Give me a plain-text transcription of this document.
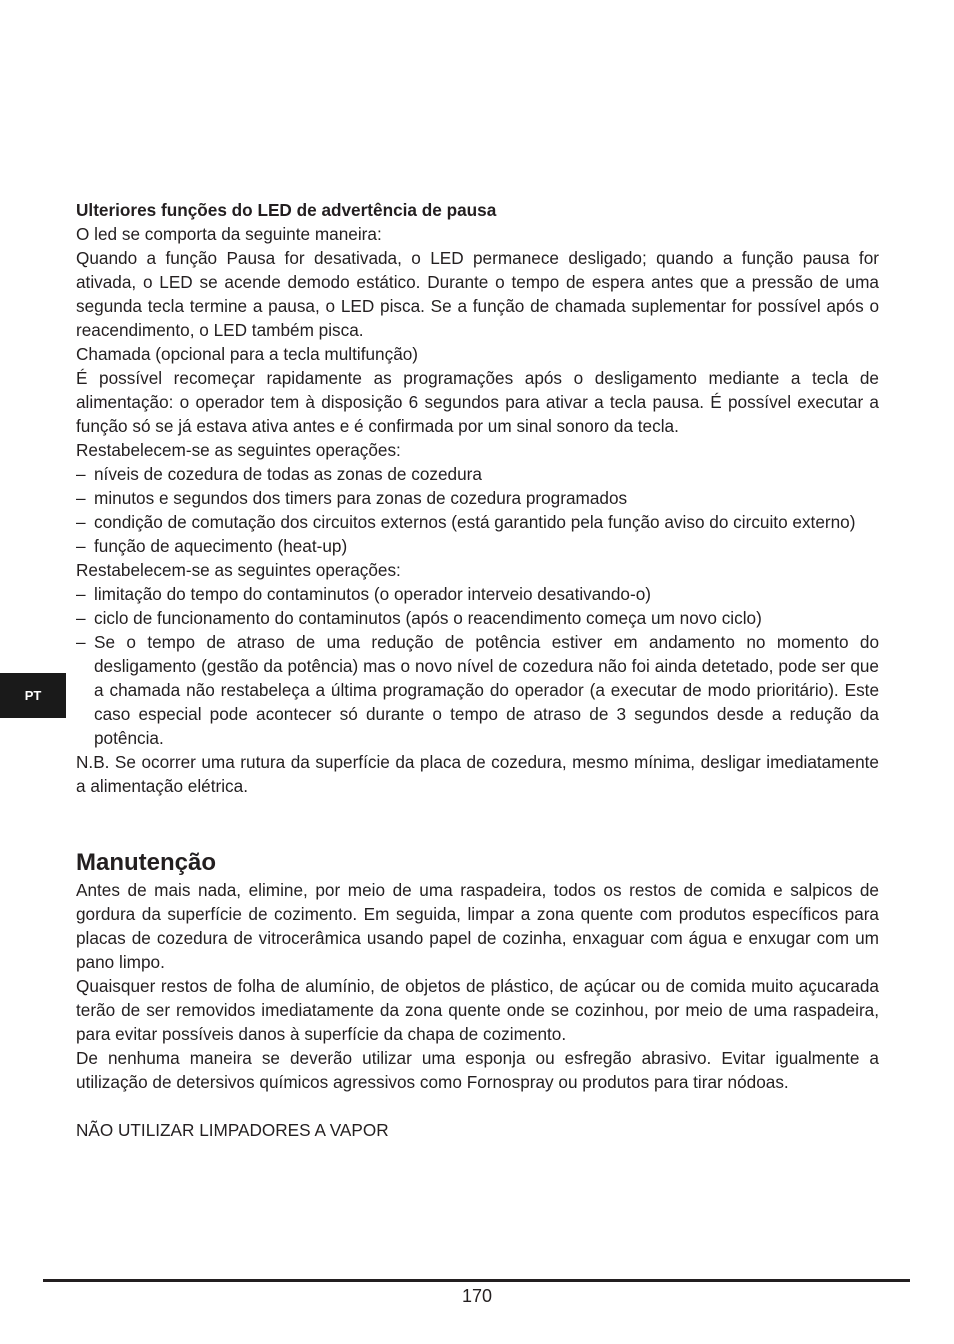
PT

Ulteriores funções do LED de advertência de pausa

O led se comporta da seguinte maneira:

Quando a função Pausa for desativada, o LED permanece desligado; quando a função pausa for ativada, o LED se acende demodo estático. Durante o tempo de espera antes que a pressão de uma segunda tecla termine a pausa, o LED pisca. Se a função de chamada suplementar for possível após o reacendimento, o LED também pisca.

Chamada (opcional para a tecla multifunção)

É possível recomeçar rapidamente as programações após o desligamento mediante a tecla de alimentação: o operador tem à disposição 6 segundos para ativar a tecla pausa. É possível executar a função só se já estava ativa antes e é confirmada por um sinal sonoro da tecla.

Restabelecem-se as seguintes operações:

– níveis de cozedura de todas as zonas de cozedura
– minutos e segundos dos timers para zonas de cozedura programados
– condição de comutação dos circuitos externos (está garantido pela função aviso do circuito externo)
– função de aquecimento (heat-up)

Restabelecem-se as seguintes operações:

– limitação do tempo do contaminutos (o operador interveio desativando-o)
– ciclo de funcionamento do contaminutos (após o reacendimento começa um novo ciclo)
– Se o tempo de atraso de uma redução de potência estiver em andamento no momento do desligamento (gestão da potência) mas o novo nível de cozedura não foi ainda detetado, pode ser que a chamada não restabeleça a última programação do operador (a executar de modo prioritário). Este caso especial pode acontecer só durante o tempo de atraso de 3 segundos desde a redução da potência.

N.B. Se ocorrer uma rutura da superfície da placa de cozedura, mesmo mínima, desligar imediatamente a alimentação elétrica.

Manutenção

Antes de mais nada, elimine, por meio de uma raspadeira, todos os restos de comida e salpicos de gordura da superfície de cozimento. Em seguida, limpar a zona quente com produtos específicos para placas de cozedura de vitrocerâmica usando papel de cozinha, enxaguar com água e enxugar com um pano limpo.

Quaisquer restos de folha de alumínio, de objetos de plástico, de açúcar ou de comida muito açucarada terão de ser removidos imediatamente da zona quente onde se cozinhou, por meio de uma raspadeira, para evitar possíveis danos à superfície da chapa de cozimento.

De nenhuma maneira se deverão utilizar uma esponja ou esfregão abrasivo. Evitar igualmente a utilização de detersivos químicos agressivos como Fornospray ou produtos para tirar nódoas.

NÃO UTILIZAR LIMPADORES A VAPOR

170
